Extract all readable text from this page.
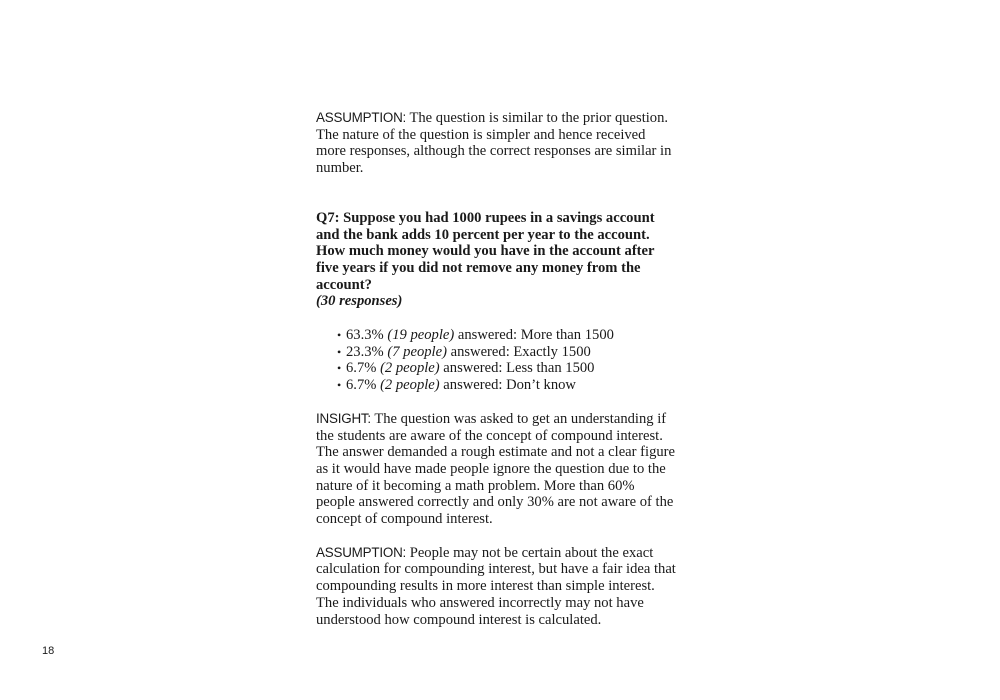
ASSUMPTION: The question is similar to the prior question. The nature of the question is simpler and hence received more responses, although the correct responses are similar in number.

Q7: Suppose you had 1000 rupees in a savings account and the bank adds 10 percent per year to the account. How much money would you have in the account after five years if you did not remove any money from the account?
(30 responses)

• 63.3% (19 people) answered: More than 1500
• 23.3% (7 people) answered: Exactly 1500
• 6.7% (2 people) answered: Less than 1500
• 6.7% (2 people) answered: Don’t know

INSIGHT: The question was asked to get an understanding if the students are aware of the concept of compound interest. The answer demanded a rough estimate and not a clear figure as it would have made people ignore the question due to the nature of it becoming a math problem. More than 60% people answered correctly and only 30% are not aware of the concept of compound interest.

ASSUMPTION: People may not be certain about the exact calculation for compounding interest, but have a fair idea that compounding results in more interest than simple interest. The individuals who answered incorrectly may not have understood how compound interest is calculated.

18
